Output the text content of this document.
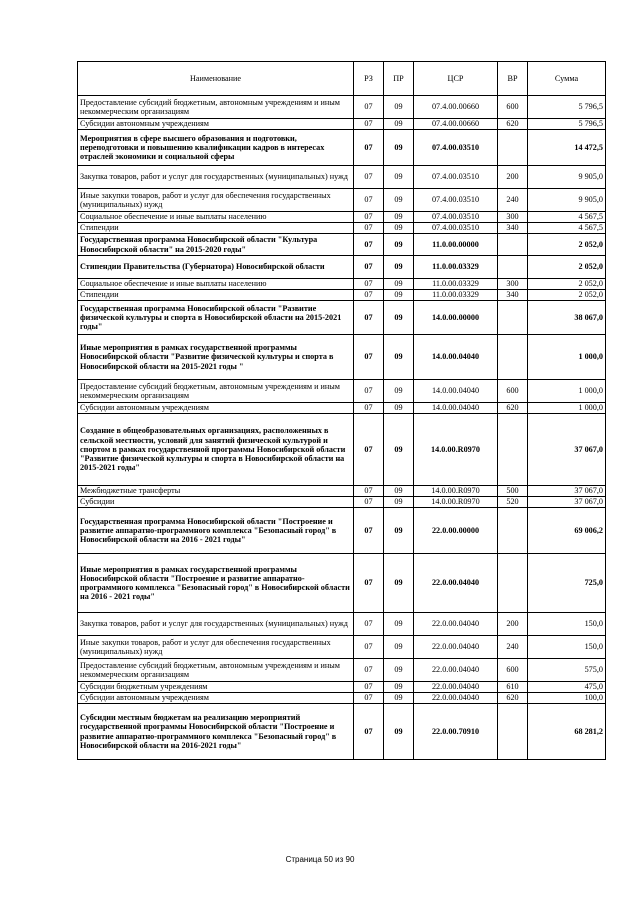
Наименование	РЗ	ПР	ЦСР	ВР	Сумма
Предоставление субсидий бюджетным, автономным учреждениям и иным некоммерческим организациям	07	09	07.4.00.00660	600	5 796,5
Субсидии автономным учреждениям	07	09	07.4.00.00660	620	5 796,5
Мероприятия в сфере высшего образования и подготовки, переподготовки и повышению квалификации кадров в интересах отраслей экономики и социальной сферы	07	09	07.4.00.03510		14 472,5
Закупка товаров, работ и услуг для государственных (муниципальных) нужд	07	09	07.4.00.03510	200	9 905,0
Иные закупки товаров, работ и услуг для обеспечения государственных (муниципальных) нужд	07	09	07.4.00.03510	240	9 905,0
Социальное обеспечение и иные выплаты населению	07	09	07.4.00.03510	300	4 567,5
Стипендии	07	09	07.4.00.03510	340	4 567,5
Государственная программа Новосибирской области "Культура Новосибирской области" на 2015-2020 годы"	07	09	11.0.00.00000		2 052,0
Стипендии Правительства (Губернатора) Новосибирской области	07	09	11.0.00.03329		2 052,0
Социальное обеспечение и иные выплаты населению	07	09	11.0.00.03329	300	2 052,0
Стипендии	07	09	11.0.00.03329	340	2 052,0
Государственная программа Новосибирской области "Развитие физической культуры и спорта в Новосибирской области на 2015-2021 годы"	07	09	14.0.00.00000		38 067,0
Иные мероприятия в рамках государственной программы Новосибирской области "Развитие физической культуры и спорта в Новосибирской области на 2015-2021 годы "	07	09	14.0.00.04040		1 000,0
Предоставление субсидий бюджетным, автономным учреждениям и иным некоммерческим организациям	07	09	14.0.00.04040	600	1 000,0
Субсидии автономным учреждениям	07	09	14.0.00.04040	620	1 000,0
Создание в общеобразовательных организациях, расположенных в сельской местности, условий для занятий физической культурой и спортом в рамках государственной программы Новосибирской области "Развитие физической культуры и спорта в Новосибирской области на 2015-2021 годы"	07	09	14.0.00.R0970		37 067,0
Межбюджетные трансферты	07	09	14.0.00.R0970	500	37 067,0
Субсидии	07	09	14.0.00.R0970	520	37 067,0
Государственная программа Новосибирской области "Построение и развитие аппаратно-программного комплекса "Безопасный город" в Новосибирской области на 2016 - 2021 годы"	07	09	22.0.00.00000		69 006,2
Иные мероприятия в рамках государственной программы Новосибирской области "Построение и развитие аппаратно-программного комплекса "Безопасный город" в Новосибирской области на 2016 - 2021 годы"	07	09	22.0.00.04040		725,0
Закупка товаров, работ и услуг для государственных (муниципальных) нужд	07	09	22.0.00.04040	200	150,0
Иные закупки товаров, работ и услуг для обеспечения государственных (муниципальных) нужд	07	09	22.0.00.04040	240	150,0
Предоставление субсидий бюджетным, автономным учреждениям и иным некоммерческим организациям	07	09	22.0.00.04040	600	575,0
Субсидии бюджетным учреждениям	07	09	22.0.00.04040	610	475,0
Субсидии автономным учреждениям	07	09	22.0.00.04040	620	100,0
Субсидии местным бюджетам на реализацию мероприятий государственной программы Новосибирской области "Построение и развитие аппаратно-программного комплекса "Безопасный город" в Новосибирской области на 2016-2021 годы"	07	09	22.0.00.70910		68 281,2
Страница 50 из 90
